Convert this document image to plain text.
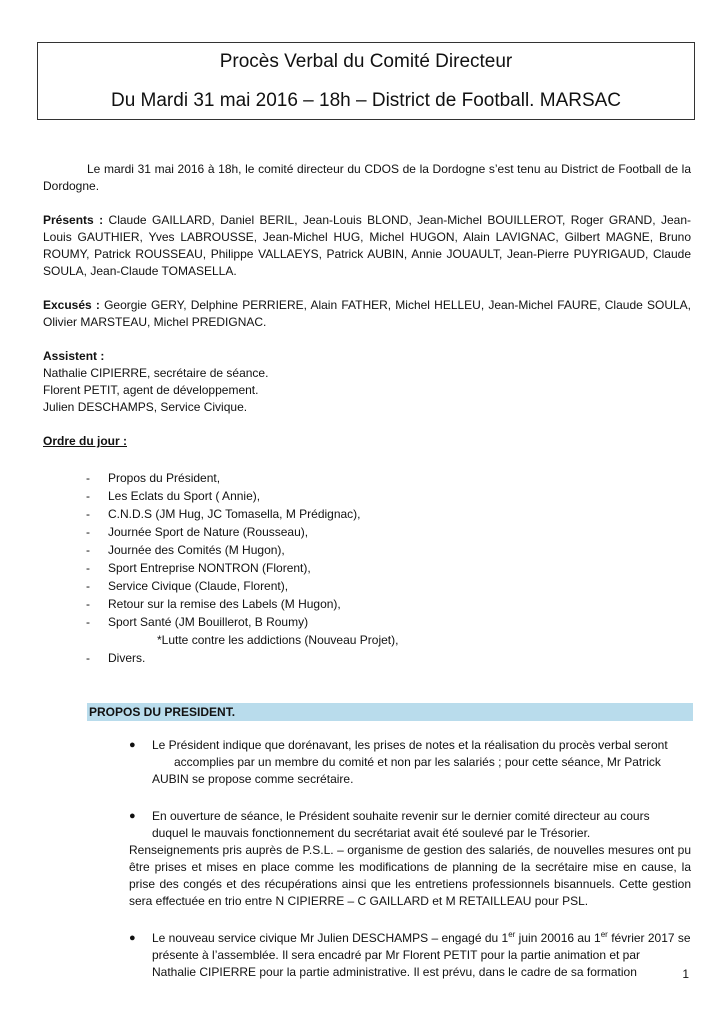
Procès Verbal du Comité Directeur
Du Mardi 31 mai 2016 – 18h – District de Football. MARSAC

Le mardi 31 mai 2016 à 18h, le comité directeur du CDOS de la Dordogne s’est tenu au District de Football de la Dordogne.

Présents : Claude GAILLARD, Daniel BERIL, Jean-Louis BLOND, Jean-Michel BOUILLEROT, Roger GRAND, Jean-Louis GAUTHIER, Yves LABROUSSE, Jean-Michel HUG, Michel HUGON, Alain LAVIGNAC, Gilbert MAGNE, Bruno ROUMY, Patrick ROUSSEAU, Philippe VALLAEYS, Patrick AUBIN, Annie JOUAULT, Jean-Pierre PUYRIGAUD, Claude SOULA, Jean-Claude TOMASELLA.

Excusés : Georgie GERY, Delphine PERRIERE, Alain FATHER, Michel HELLEU, Jean-Michel FAURE, Claude SOULA, Olivier MARSTEAU, Michel PREDIGNAC.

Assistent :

Nathalie CIPIERRE, secrétaire de séance.

Florent PETIT, agent de développement.

Julien DESCHAMPS, Service Civique.

Ordre du jour :

- Propos du Président,
- Les Eclats du Sport ( Annie),
- C.N.D.S (JM Hug, JC Tomasella, M Prédignac),
- Journée Sport de Nature (Rousseau),
- Journée des Comités (M Hugon),
- Sport Entreprise NONTRON (Florent),
- Service Civique (Claude, Florent),
- Retour sur la remise des Labels (M Hugon),
- Sport Santé (JM Bouillerot, B Roumy)
*Lutte contre les addictions (Nouveau Projet),
- Divers.
PROPOS DU PRESIDENT.
● Le Président indique que dorénavant, les prises de notes et la réalisation du procès verbal seront

accomplies par un membre du comité et non par les salariés ; pour cette séance, Mr Patrick

AUBIN se propose comme secrétaire.

● En ouverture de séance, le Président souhaite revenir sur le dernier comité directeur au cours

duquel le mauvais fonctionnement du secrétariat avait été soulevé par le Trésorier.

Renseignements pris auprès de P.S.L. – organisme de gestion des salariés, de nouvelles mesures ont pu être prises et mises en place comme les modifications de planning de la secrétaire mise en cause, la prise des congés et des récupérations ainsi que les entretiens professionnels bisannuels. Cette gestion sera effectuée en trio entre N CIPIERRE – C GAILLARD et M RETAILLEAU pour PSL.

● Le nouveau service civique Mr Julien DESCHAMPS – engagé du 1er juin 20016 au 1er février 2017 se

présente à l’assemblée. Il sera encadré par Mr Florent PETIT pour la partie animation et par

Nathalie CIPIERRE pour la partie administrative. Il est prévu, dans le cadre de sa formation	1
